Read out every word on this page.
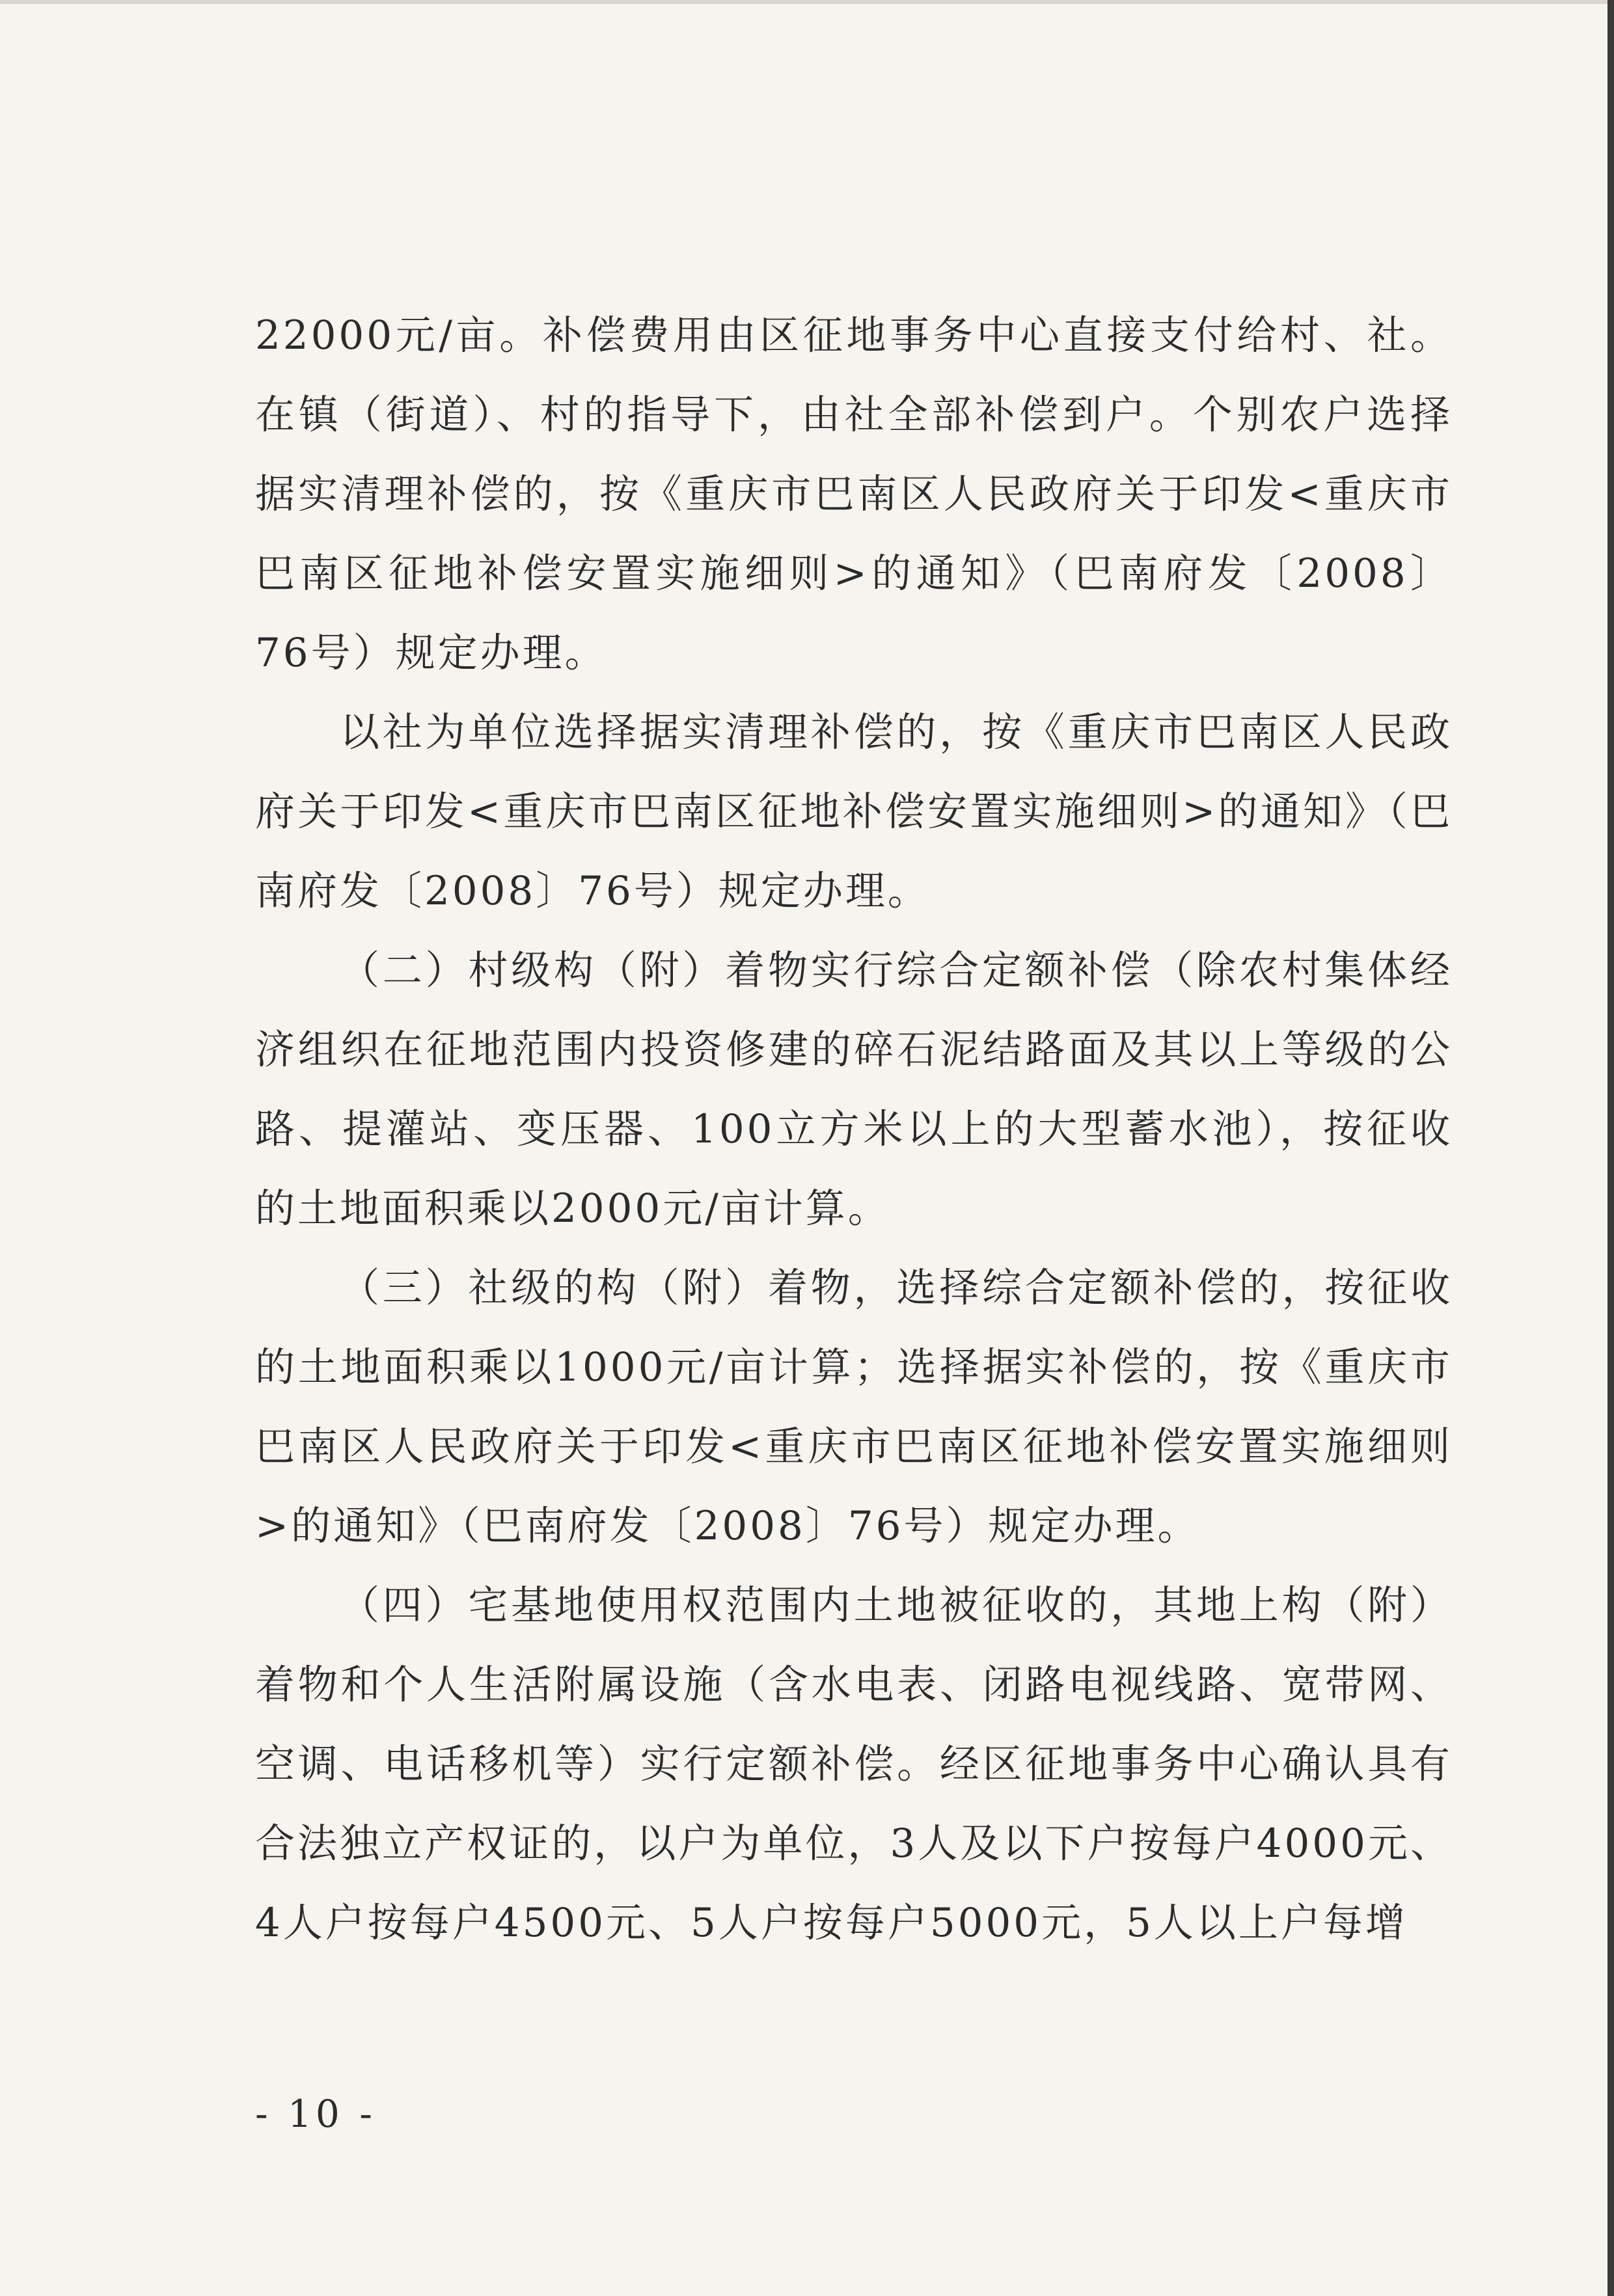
22000元/亩。补偿费用由区征地事务中心直接支付给村、社。在镇（街道）、村的指导下，由社全部补偿到户。个别农户选择据实清理补偿的，按《重庆市巴南区人民政府关于印发<重庆市巴南区征地补偿安置实施细则>的通知》（巴南府发〔2008〕76号）规定办理。

以社为单位选择据实清理补偿的，按《重庆市巴南区人民政府关于印发<重庆市巴南区征地补偿安置实施细则>的通知》（巴南府发〔2008〕76号）规定办理。

（二）村级构（附）着物实行综合定额补偿（除农村集体经济组织在征地范围内投资修建的碎石泥结路面及其以上等级的公路、提灌站、变压器、100立方米以上的大型蓄水池），按征收的土地面积乘以2000元/亩计算。

（三）社级的构（附）着物，选择综合定额补偿的，按征收的土地面积乘以1000元/亩计算；选择据实补偿的，按《重庆市巴南区人民政府关于印发<重庆市巴南区征地补偿安置实施细则>的通知》（巴南府发〔2008〕76号）规定办理。

（四）宅基地使用权范围内土地被征收的，其地上构（附）着物和个人生活附属设施（含水电表、闭路电视线路、宽带网、空调、电话移机等）实行定额补偿。经区征地事务中心确认具有合法独立产权证的，以户为单位，3人及以下户按每户4000元、4人户按每户4500元、5人户按每户5000元，5人以上户每增

- 10 -
